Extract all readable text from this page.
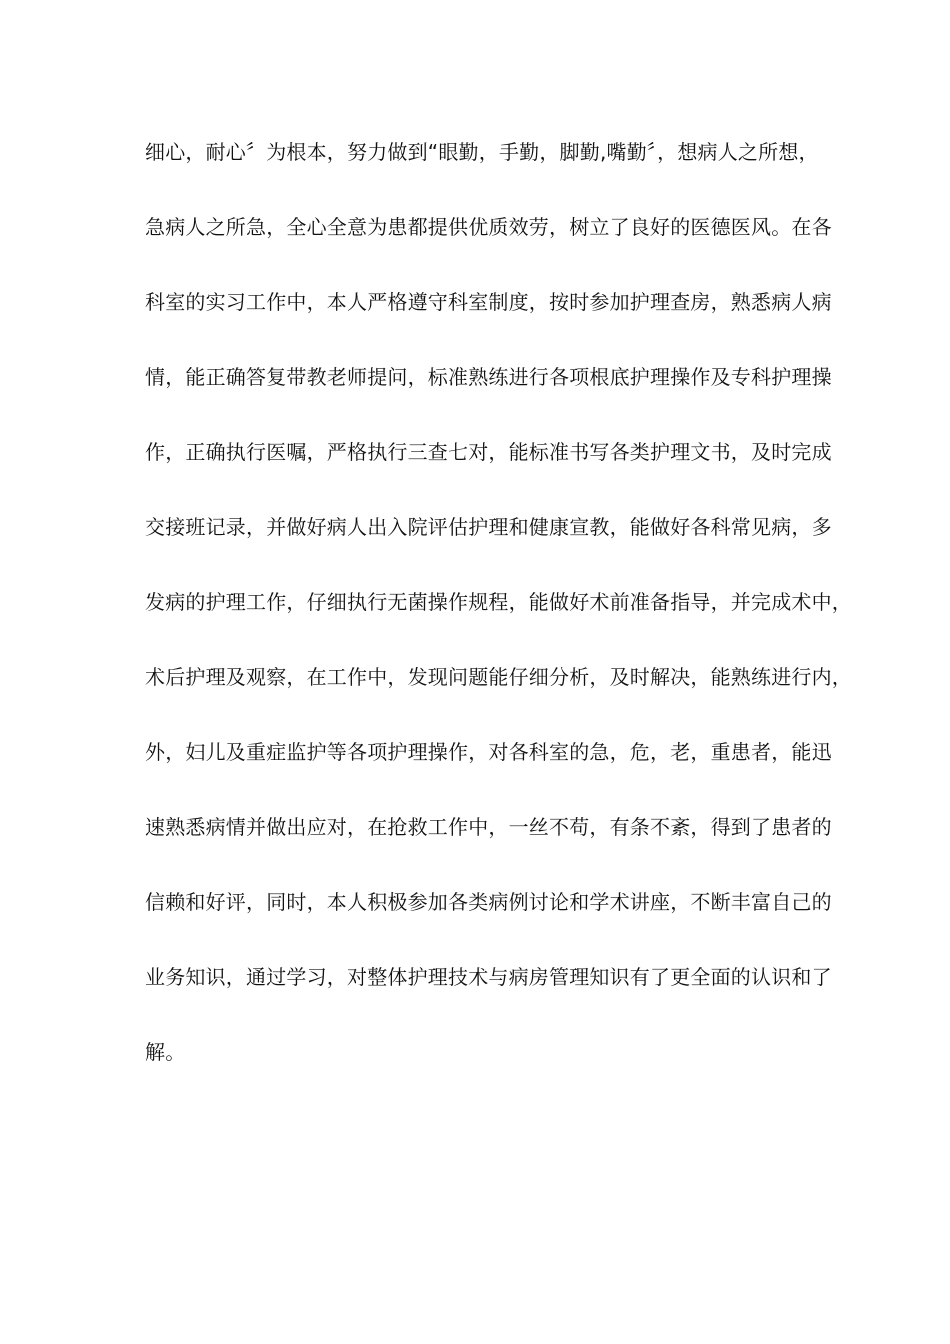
细心，耐心〞为根本，努力做到“眼勤，手勤，脚勤,嘴勤〞，想病人之所想，
急病人之所急，全心全意为患都提供优质效劳，树立了良好的医德医风。在各
科室的实习工作中，本人严格遵守科室制度，按时参加护理查房，熟悉病人病
情，能正确答复带教老师提问，标准熟练进行各项根底护理操作及专科护理操
作，正确执行医嘱，严格执行三查七对，能标准书写各类护理文书，及时完成
交接班记录，并做好病人出入院评估护理和健康宣教，能做好各科常见病，多
发病的护理工作，仔细执行无菌操作规程，能做好术前准备指导，并完成术中，
术后护理及观察，在工作中，发现问题能仔细分析，及时解决，能熟练进行内，
外，妇儿及重症监护等各项护理操作，对各科室的急，危，老，重患者，能迅
速熟悉病情并做出应对，在抢救工作中，一丝不苟，有条不紊，得到了患者的
信赖和好评，同时，本人积极参加各类病例讨论和学术讲座，不断丰富自己的
业务知识，通过学习，对整体护理技术与病房管理知识有了更全面的认识和了
解。
